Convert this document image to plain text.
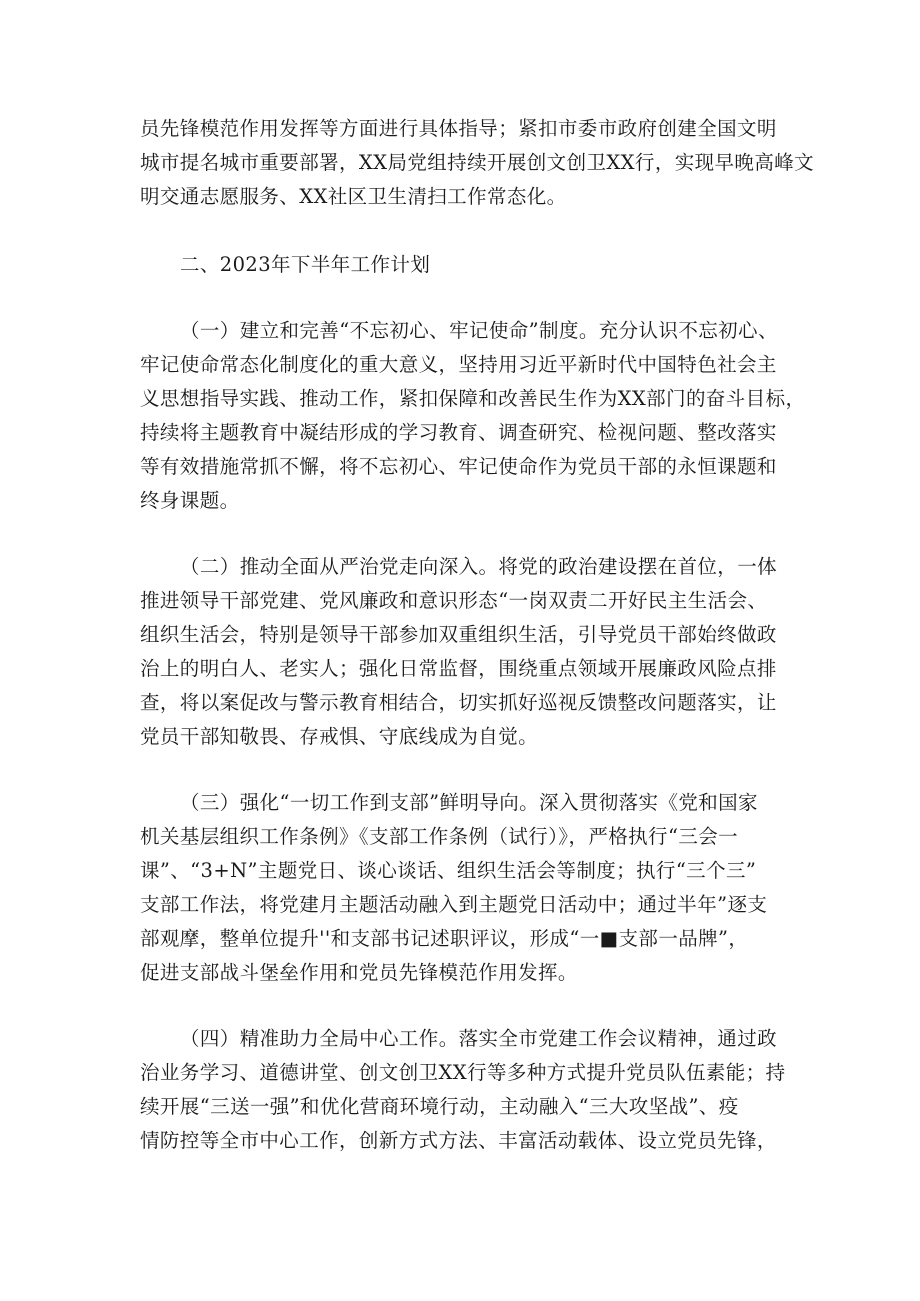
员先锋模范作用发挥等方面进行具体指导；紧扣市委市政府创建全国文明
城市提名城市重要部署，XX局党组持续开展创文创卫XX行，实现早晚高峰文
明交通志愿服务、XX社区卫生清扫工作常态化。
二、2023年下半年工作计划
（一）建立和完善“不忘初心、牢记使命”制度。充分认识不忘初心、
牢记使命常态化制度化的重大意义，坚持用习近平新时代中国特色社会主
义思想指导实践、推动工作，紧扣保障和改善民生作为XX部门的奋斗目标，
持续将主题教育中凝结形成的学习教育、调查研究、检视问题、整改落实
等有效措施常抓不懈，将不忘初心、牢记使命作为党员干部的永恒课题和
终身课题。
（二）推动全面从严治党走向深入。将党的政治建设摆在首位，一体
推进领导干部党建、党风廉政和意识形态“一岗双责二开好民主生活会、
组织生活会，特别是领导干部参加双重组织生活，引导党员干部始终做政
治上的明白人、老实人；强化日常监督，围绕重点领域开展廉政风险点排
查，将以案促改与警示教育相结合，切实抓好巡视反馈整改问题落实，让
党员干部知敬畏、存戒惧、守底线成为自觉。
（三）强化“一切工作到支部”鲜明导向。深入贯彻落实《党和国家
机关基层组织工作条例》《支部工作条例（试行）》，严格执行“三会一
课”、“3+N”主题党日、谈心谈话、组织生活会等制度；执行“三个三”
支部工作法，将党建月主题活动融入到主题党日活动中；通过半年”逐支
部观摩，整单位提升''和支部书记述职评议，形成“一■支部一品牌”，
促进支部战斗堡垒作用和党员先锋模范作用发挥。
（四）精准助力全局中心工作。落实全市党建工作会议精神，通过政
治业务学习、道德讲堂、创文创卫XX行等多种方式提升党员队伍素能；持
续开展“三送一强”和优化营商环境行动，主动融入“三大攻坚战”、疫
情防控等全市中心工作，创新方式方法、丰富活动载体、设立党员先锋，
